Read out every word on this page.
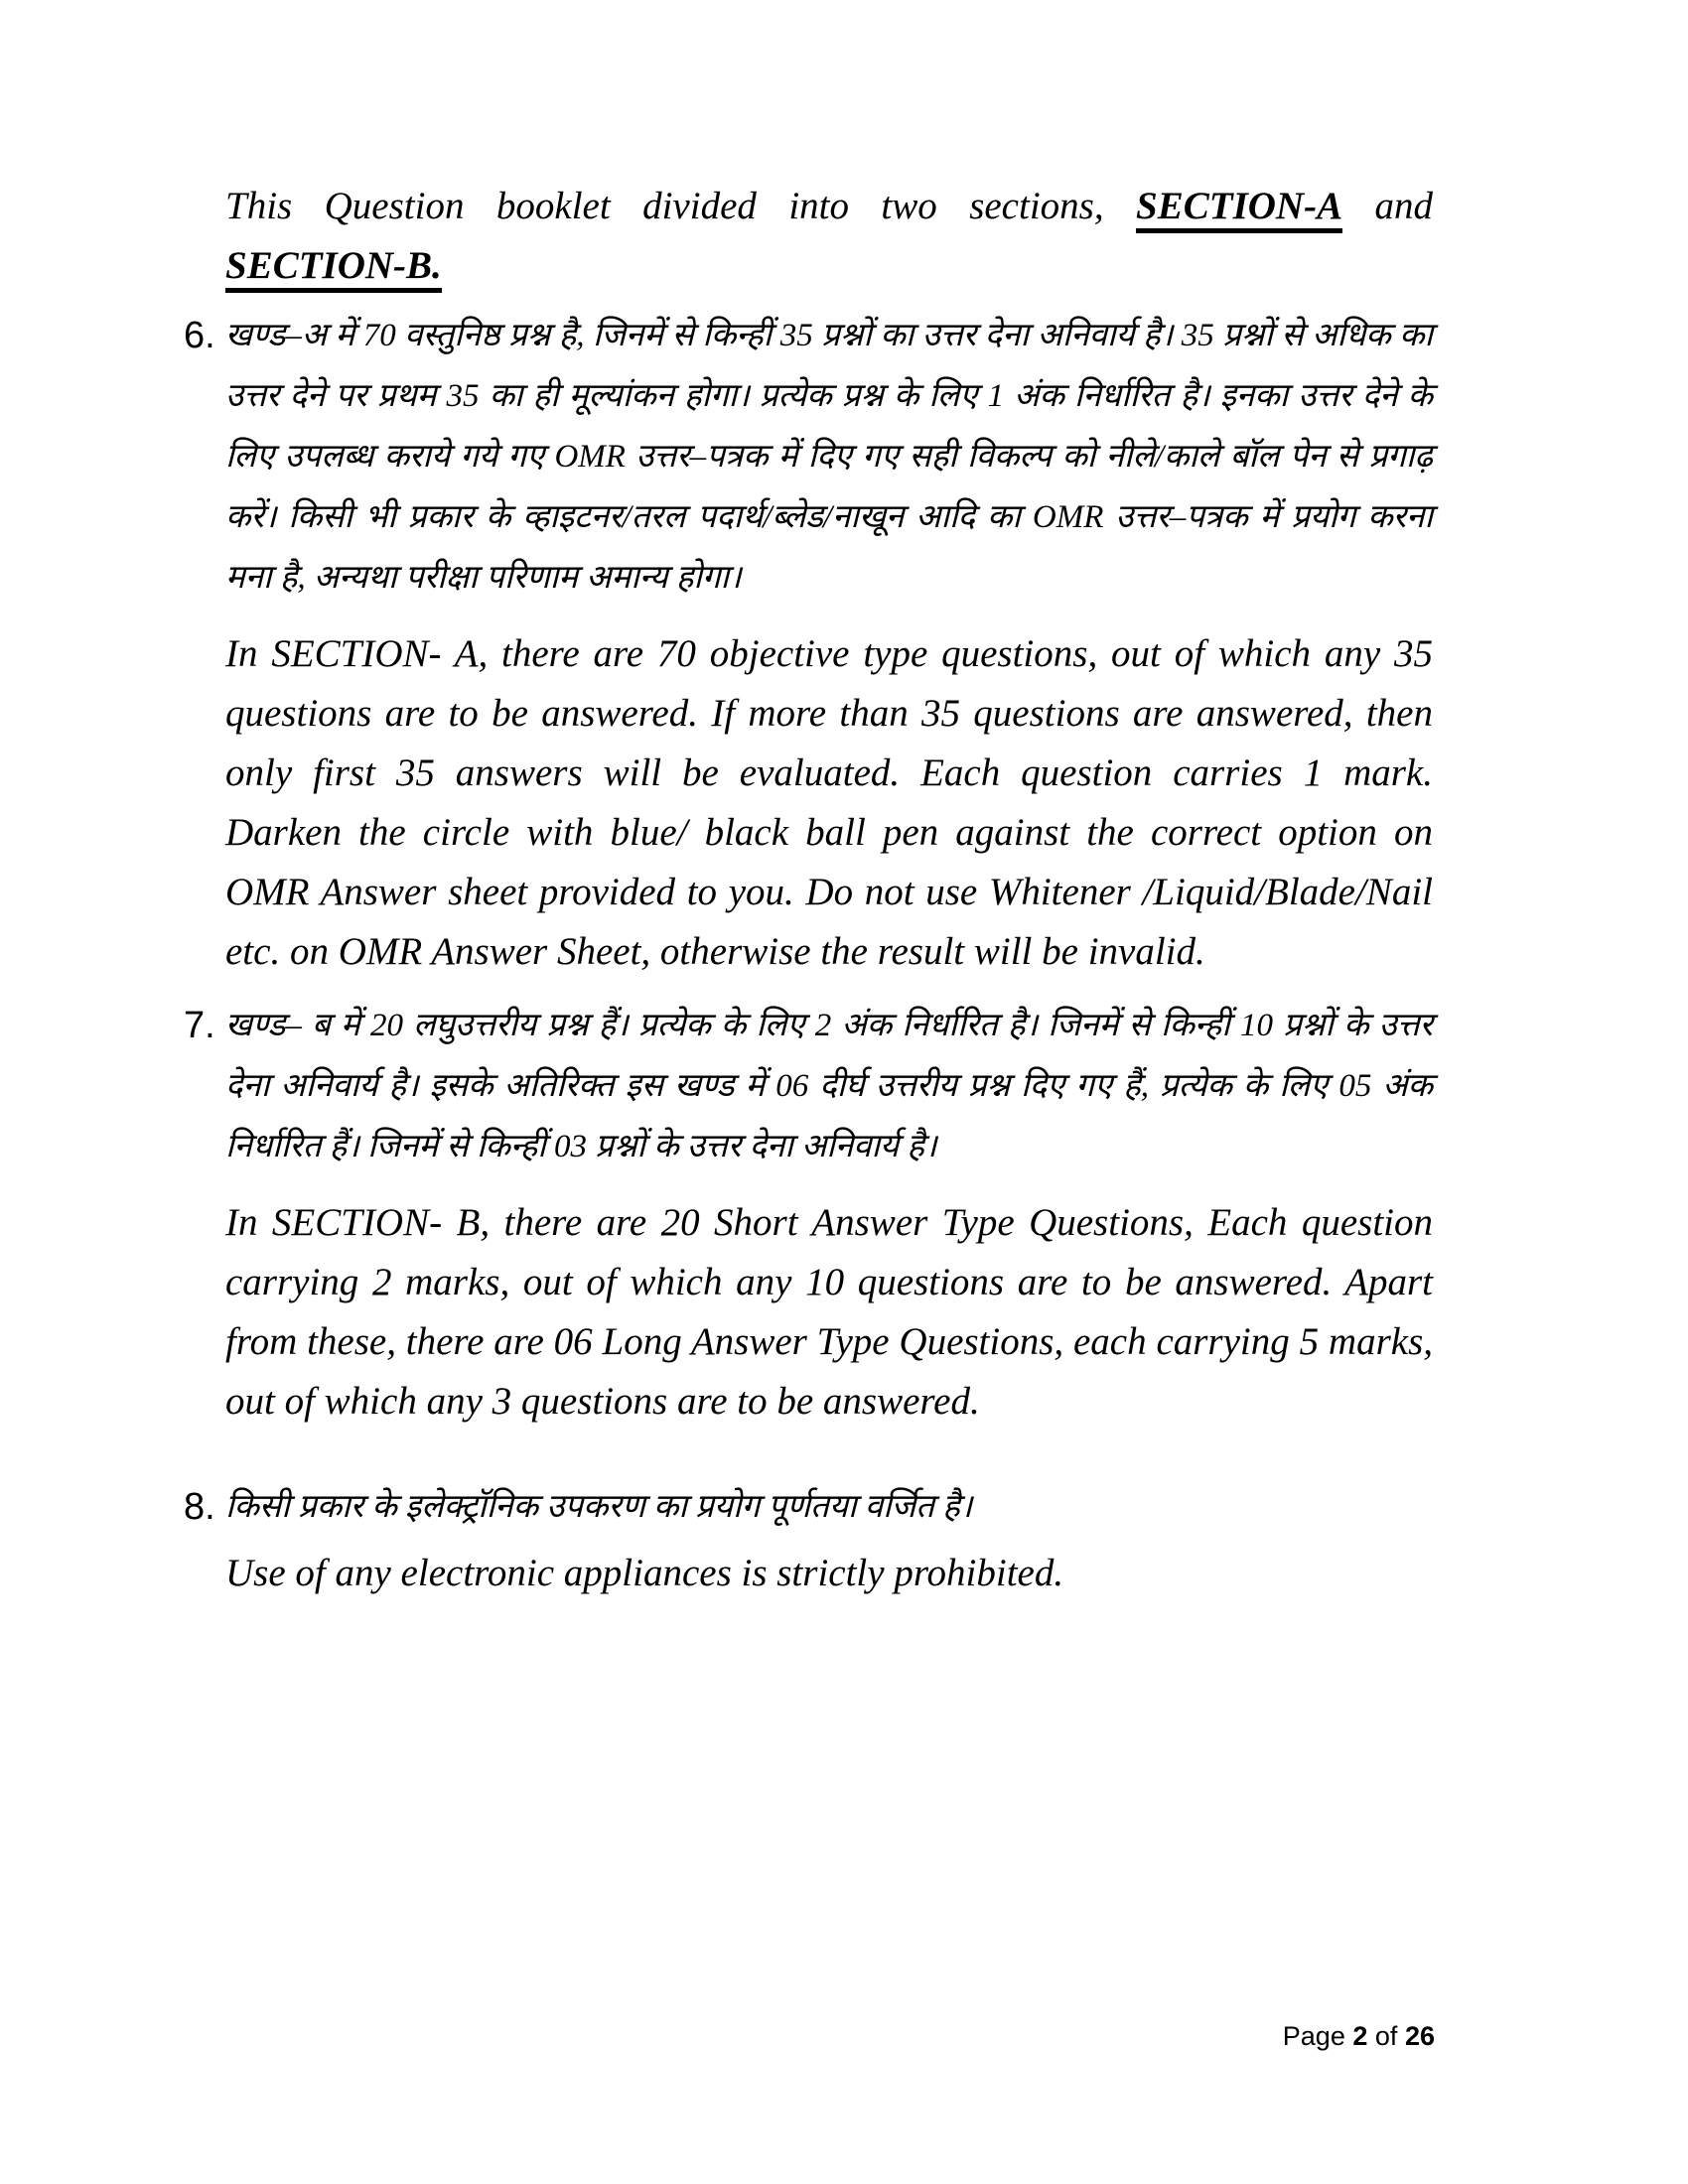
This Question booklet divided into two sections, SECTION-A and SECTION-B.

6. खण्ड–अ में 70 वस्तुनिष्ठ प्रश्न है, जिनमें से किन्हीं 35 प्रश्नों का उत्तर देना अनिवार्य है। 35 प्रश्नों से अधिक का उत्तर देने पर प्रथम 35 का ही मूल्यांकन होगा। प्रत्येक प्रश्न के लिए 1 अंक निर्धारित है। इनका उत्तर देने के लिए उपलब्ध कराये गये गए OMR उत्तर–पत्रक में दिए गए सही विकल्प को नीले/काले बॉल पेन से प्रगाढ़ करें। किसी भी प्रकार के व्हाइटनर/तरल पदार्थ/ब्लेड/नाखून आदि का OMR उत्तर–पत्रक में प्रयोग करना मना है, अन्यथा परीक्षा परिणाम अमान्य होगा।

In SECTION- A, there are 70 objective type questions, out of which any 35 questions are to be answered. If more than 35 questions are answered, then only first 35 answers will be evaluated. Each question carries 1 mark. Darken the circle with blue/ black ball pen against the correct option on OMR Answer sheet provided to you. Do not use Whitener /Liquid/Blade/Nail etc. on OMR Answer Sheet, otherwise the result will be invalid.

7. खण्ड– ब में 20 लघुउत्तरीय प्रश्न हैं। प्रत्येक के लिए 2 अंक निर्धारित है। जिनमें से किन्हीं 10 प्रश्नों के उत्तर देना अनिवार्य है। इसके अतिरिक्त इस खण्ड में 06 दीर्घ उत्तरीय प्रश्न दिए गए हैं, प्रत्येक के लिए 05 अंक निर्धारित हैं। जिनमें से किन्हीं 03 प्रश्नों के उत्तर देना अनिवार्य है।

In SECTION- B, there are 20 Short Answer Type Questions, Each question carrying 2 marks, out of which any 10 questions are to be answered. Apart from these, there are 06 Long Answer Type Questions, each carrying 5 marks, out of which any 3 questions are to be answered.

8. किसी प्रकार के इलेक्ट्रॉनिक उपकरण का प्रयोग पूर्णतया वर्जित है।

Use of any electronic appliances is strictly prohibited.

Page 2 of 26
